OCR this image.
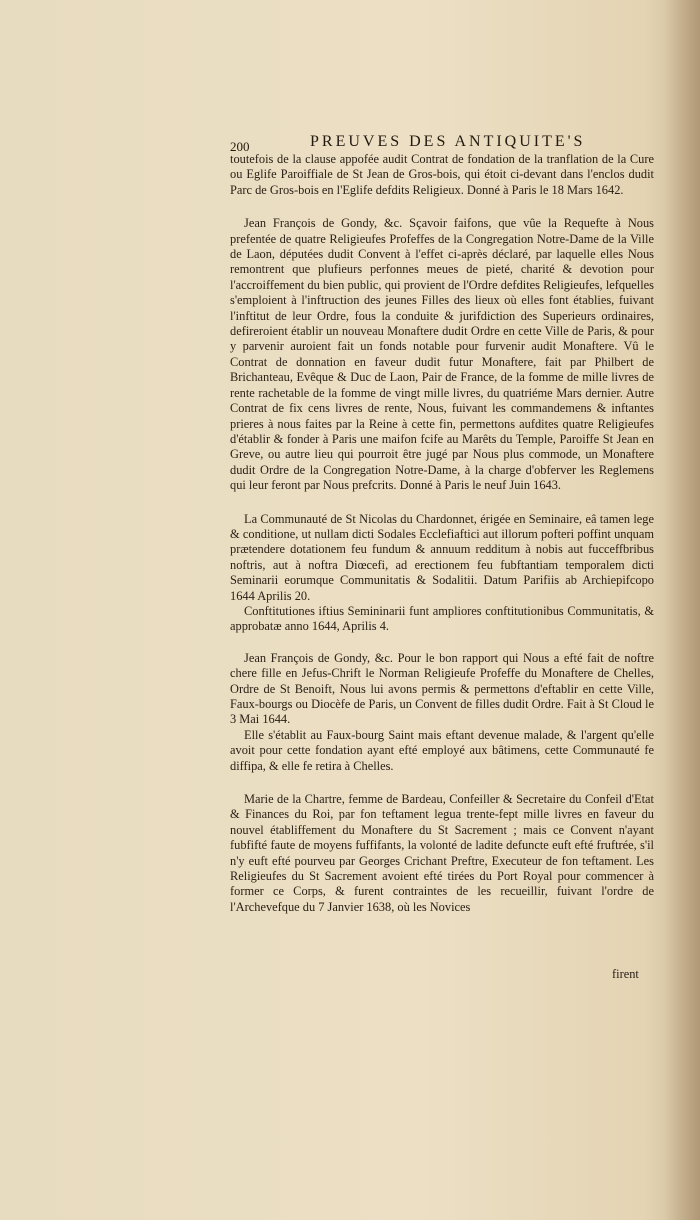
200	PREUVES DES ANTIQUITE'S

toutefois de la clause appofée audit Contrat de fondation de la tranflation de la Cure ou Eglife Paroiffiale de St Jean de Gros-bois, qui étoit ci-devant dans l'enclos dudit Parc de Gros-bois en l'Eglife defdits Religieux. Donné à Paris le 18 Mars 1642.

Jean François de Gondy, &c. Sçavoir faifons, que vûe la Requefte à Nous prefentée de quatre Religieufes Profeffes de la Congregation Notre-Dame de la Ville de Laon, députées dudit Convent à l'effet ci-après déclaré, par laquelle elles Nous remontrent que plufieurs perfonnes meues de pieté, charité & devotion pour l'accroiffement du bien public, qui provient de l'Ordre defdites Religieufes, lefquelles s'emploient à l'inftruction des jeunes Filles des lieux où elles font établies, fuivant l'inftitut de leur Ordre, fous la conduite & jurifdiction des Superieurs ordinaires, defireroient établir un nouveau Monaftere dudit Ordre en cette Ville de Paris, & pour y parvenir auroient fait un fonds notable pour furvenir audit Monaftere. Vû le Contrat de donnation en faveur dudit futur Monaftere, fait par Philbert de Brichanteau, Evêque & Duc de Laon, Pair de France, de la fomme de mille livres de rente rachetable de la fomme de vingt mille livres, du quatriéme Mars dernier. Autre Contrat de fix cens livres de rente, Nous, fuivant les commandemens & inftantes prieres à nous faites par la Reine à cette fin, permettons aufdites quatre Religieufes d'établir & fonder à Paris une maifon fcife au Marêts du Temple, Paroiffe St Jean en Greve, ou autre lieu qui pourroit être jugé par Nous plus commode, un Monaftere dudit Ordre de la Congregation Notre-Dame, à la charge d'obferver les Reglemens qui leur feront par Nous prefcrits. Donné à Paris le neuf Juin 1643.

La Communauté de St Nicolas du Chardonnet, érigée en Seminaire, eâ tamen lege & conditione, ut nullam dicti Sodales Ecclefiaftici aut illorum pofteri poffint unquam prætendere dotationem feu fundum & annuum redditum à nobis aut fucceffbribus noftris, aut à noftra Diœcefi, ad erectionem feu fubftantiam temporalem dicti Seminarii eorumque Communitatis & Sodalitii. Datum Parifiis ab Archiepifcopo 1644 Aprilis 20.

Conftitutiones iftius Semininarii funt ampliores conftitutionibus Communitatis, & approbatæ anno 1644, Aprilis 4.

Jean François de Gondy, &c. Pour le bon rapport qui Nous a efté fait de noftre chere fille en Jefus-Chrift le Norman Religieufe Profeffe du Monaftere de Chelles, Ordre de St Benoift, Nous lui avons permis & permettons d'eftablir en cette Ville, Faux-bourgs ou Diocèfe de Paris, un Convent de filles dudit Ordre. Fait à St Cloud le 3 Mai 1644.

Elle s'établit au Faux-bourg Saint mais eftant devenue malade, & l'argent qu'elle avoit pour cette fondation ayant efté employé aux bâtimens, cette Communauté fe diffipa, & elle fe retira à Chelles.

Marie de la Chartre, femme de Bardeau, Confeiller & Secretaire du Confeil d'Etat & Finances du Roi, par fon teftament legua trente-fept mille livres en faveur du nouvel établiffement du Monaftere du St Sacrement ; mais ce Convent n'ayant fubfifté faute de moyens fuffifants, la volonté de ladite defuncte euft efté fruftrée, s'il n'y euft efté pourveu par Georges Crichant Preftre, Executeur de fon teftament. Les Religieufes du St Sacrement avoient efté tirées du Port Royal pour commencer à former ce Corps, & furent contraintes de les recueillir, fuivant l'ordre de l'Archevefque du 7 Janvier 1638, où les Novices

firent
